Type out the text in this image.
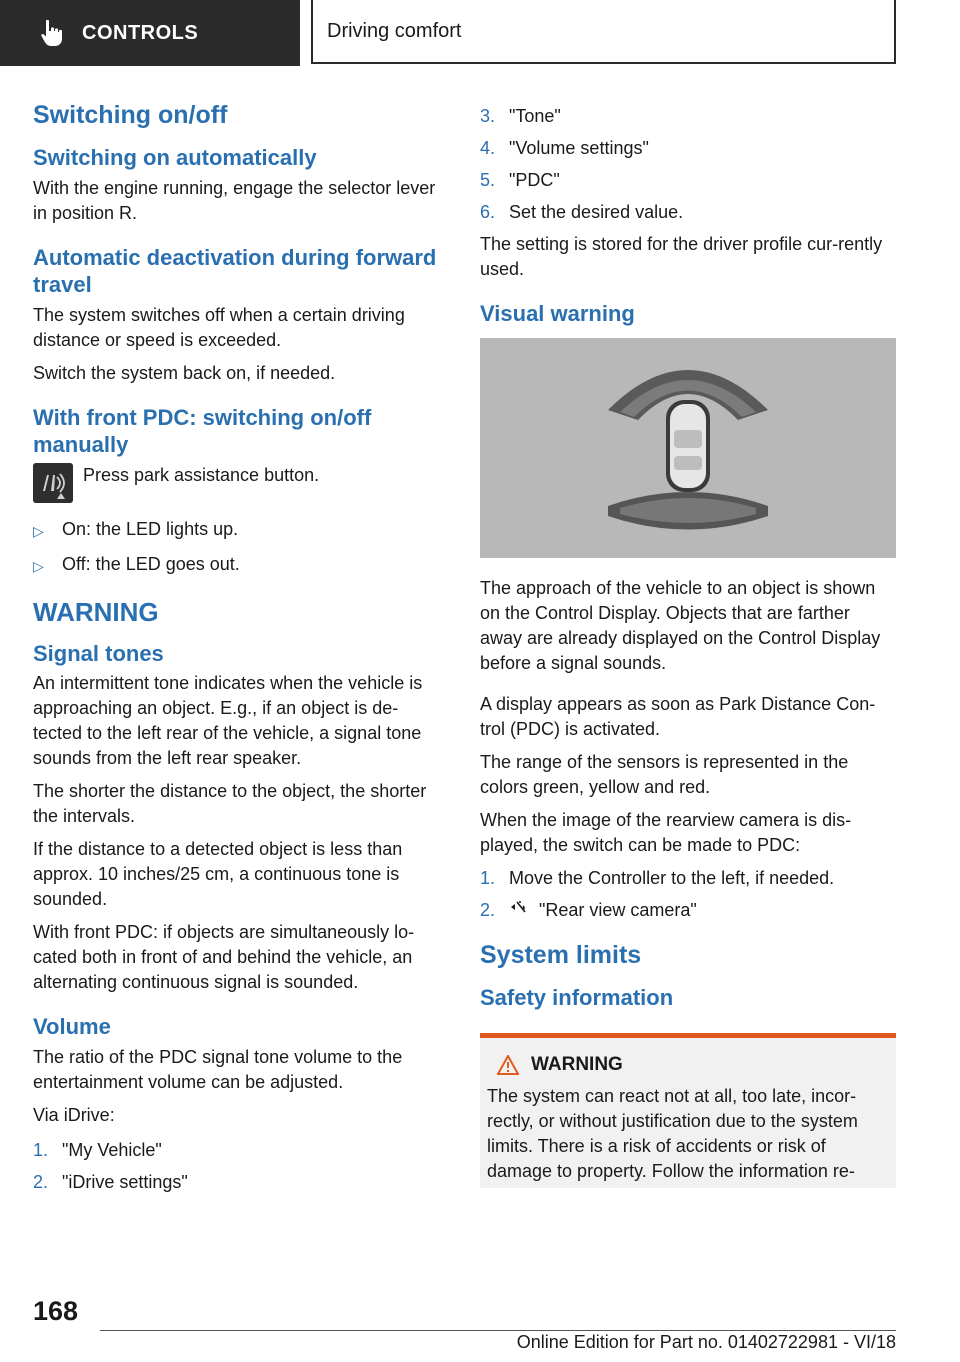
CONTROLS	Driving comfort
Switching on/off
Switching on automatically

With the engine running, engage the selector lever in position R.

Automatic deactivation during forward travel

The system switches off when a certain driving distance or speed is exceeded.

Switch the system back on, if needed.

With front PDC: switching on/off manually

Press park assistance button.

▷	On: the LED lights up.
▷	Off: the LED goes out.
WARNING
Signal tones

An intermittent tone indicates when the vehicle is approaching an object. E.g., if an object is de-tected to the left rear of the vehicle, a signal tone sounds from the left rear speaker.

The shorter the distance to the object, the shorter the intervals.

If the distance to a detected object is less than approx. 10 inches/25 cm, a continuous tone is sounded.

With front PDC: if objects are simultaneously lo-cated both in front of and behind the vehicle, an alternating continuous signal is sounded.

Volume

The ratio of the PDC signal tone volume to the entertainment volume can be adjusted.

Via iDrive:

1. "My Vehicle"
2. "iDrive settings"
3. "Tone"
4. "Volume settings"
5. "PDC"
6. Set the desired value.

The setting is stored for the driver profile cur-rently used.

Visual warning

The approach of the vehicle to an object is shown on the Control Display. Objects that are farther away are already displayed on the Control Display before a signal sounds.

A display appears as soon as Park Distance Con-trol (PDC) is activated.

The range of the sensors is represented in the colors green, yellow and red.

When the image of the rearview camera is dis-played, the switch can be made to PDC:

1. Move the Controller to the left, if needed.
2.	"Rear view camera"
System limits
Safety information
WARNING

The system can react not at all, too late, incor-rectly, or without justification due to the system limits. There is a risk of accidents or risk of damage to property. Follow the information re-

168
Online Edition for Part no. 01402722981 - VI/18
